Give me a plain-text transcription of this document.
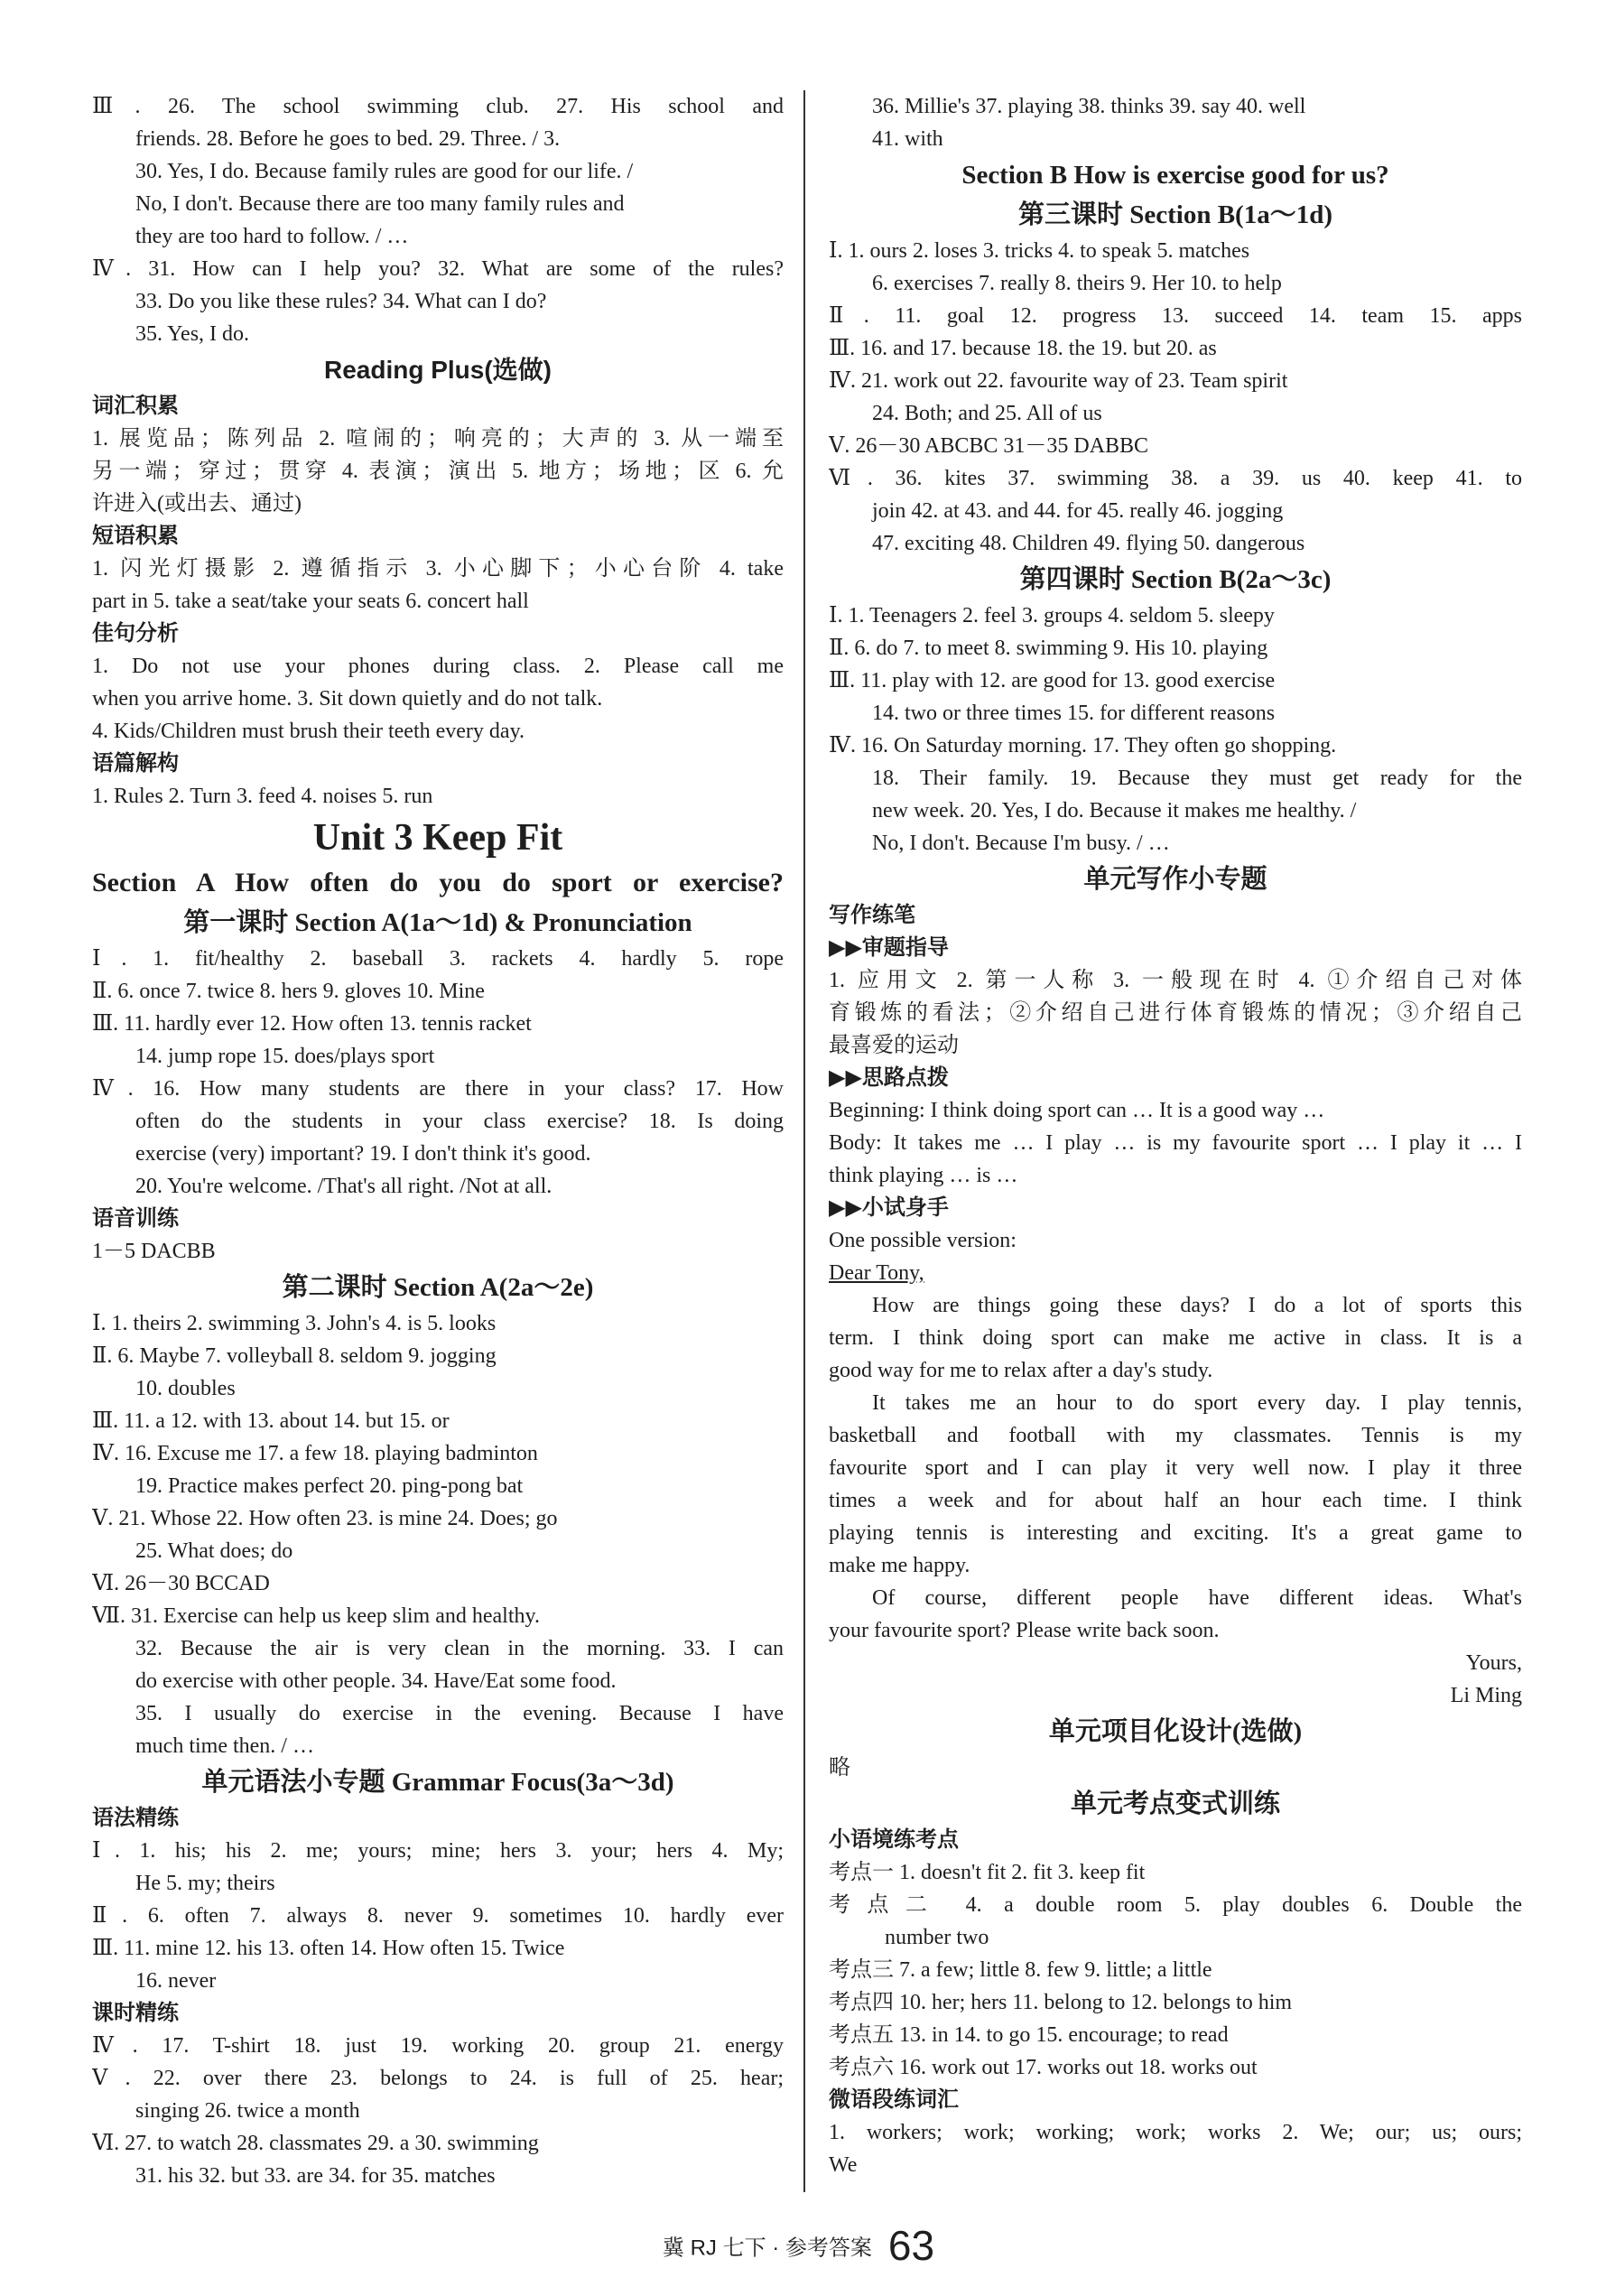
Ⅲ. 26. The school swimming club. 27. His school and
friends. 28. Before he goes to bed. 29. Three. / 3.
30. Yes, I do. Because family rules are good for our life. /
No, I don't. Because there are too many family rules and
they are too hard to follow. / …
Ⅳ. 31. How can I help you? 32. What are some of the rules?
33. Do you like these rules? 34. What can I do?
35. Yes, I do.
Reading Plus(选做)
词汇积累
1. 展览品；陈列品 2. 喧闹的；响亮的；大声的 3. 从一端至
另一端；穿过；贯穿 4. 表演；演出 5. 地方；场地；区 6. 允
许进入(或出去、通过)
短语积累
1. 闪光灯摄影 2. 遵循指示 3. 小心脚下；小心台阶 4. take
part in 5. take a seat/take your seats 6. concert hall
佳句分析
1. Do not use your phones during class. 2. Please call me
when you arrive home. 3. Sit down quietly and do not talk.
4. Kids/Children must brush their teeth every day.
语篇解构
1. Rules 2. Turn 3. feed 4. noises 5. run
Unit 3 Keep Fit
Section A How often do you do sport or exercise?
第一课时 Section A(1a～1d) & Pronunciation
Ⅰ. 1. fit/healthy 2. baseball 3. rackets 4. hardly 5. rope
Ⅱ. 6. once 7. twice 8. hers 9. gloves 10. Mine
Ⅲ. 11. hardly ever 12. How often 13. tennis racket
14. jump rope 15. does/plays sport
Ⅳ. 16. How many students are there in your class? 17. How
often do the students in your class exercise? 18. Is doing
exercise (very) important? 19. I don't think it's good.
20. You're welcome. /That's all right. /Not at all.
语音训练
1－5 DACBB
第二课时 Section A(2a～2e)
Ⅰ. 1. theirs 2. swimming 3. John's 4. is 5. looks
Ⅱ. 6. Maybe 7. volleyball 8. seldom 9. jogging
10. doubles
Ⅲ. 11. a 12. with 13. about 14. but 15. or
Ⅳ. 16. Excuse me 17. a few 18. playing badminton
19. Practice makes perfect 20. ping-pong bat
Ⅴ. 21. Whose 22. How often 23. is mine 24. Does; go
25. What does; do
Ⅵ. 26－30 BCCAD
Ⅶ. 31. Exercise can help us keep slim and healthy.
32. Because the air is very clean in the morning. 33. I can
do exercise with other people. 34. Have/Eat some food.
35. I usually do exercise in the evening. Because I have
much time then. / …
单元语法小专题 Grammar Focus(3a～3d)
语法精练
Ⅰ. 1. his; his 2. me; yours; mine; hers 3. your; hers 4. My;
He 5. my; theirs
Ⅱ. 6. often 7. always 8. never 9. sometimes 10. hardly ever
Ⅲ. 11. mine 12. his 13. often 14. How often 15. Twice
16. never
课时精练
Ⅳ. 17. T-shirt 18. just 19. working 20. group 21. energy
Ⅴ. 22. over there 23. belongs to 24. is full of 25. hear;
singing 26. twice a month
Ⅵ. 27. to watch 28. classmates 29. a 30. swimming
31. his 32. but 33. are 34. for 35. matches
36. Millie's 37. playing 38. thinks 39. say 40. well
41. with
Section B How is exercise good for us?
第三课时 Section B(1a～1d)
Ⅰ. 1. ours 2. loses 3. tricks 4. to speak 5. matches
6. exercises 7. really 8. theirs 9. Her 10. to help
Ⅱ. 11. goal 12. progress 13. succeed 14. team 15. apps
Ⅲ. 16. and 17. because 18. the 19. but 20. as
Ⅳ. 21. work out 22. favourite way of 23. Team spirit
24. Both; and 25. All of us
Ⅴ. 26－30 ABCBC 31－35 DABBC
Ⅵ. 36. kites 37. swimming 38. a 39. us 40. keep 41. to
join 42. at 43. and 44. for 45. really 46. jogging
47. exciting 48. Children 49. flying 50. dangerous
第四课时 Section B(2a～3c)
Ⅰ. 1. Teenagers 2. feel 3. groups 4. seldom 5. sleepy
Ⅱ. 6. do 7. to meet 8. swimming 9. His 10. playing
Ⅲ. 11. play with 12. are good for 13. good exercise
14. two or three times 15. for different reasons
Ⅳ. 16. On Saturday morning. 17. They often go shopping.
18. Their family. 19. Because they must get ready for the
new week. 20. Yes, I do. Because it makes me healthy. /
No, I don't. Because I'm busy. / …
单元写作小专题
写作练笔
▶▶审题指导
1. 应用文 2. 第一人称 3. 一般现在时 4. ①介绍自己对体
育锻炼的看法；②介绍自己进行体育锻炼的情况；③介绍自己
最喜爱的运动
▶▶思路点拨
Beginning: I think doing sport can … It is a good way …
Body: It takes me … I play … is my favourite sport … I play it … I
think playing … is …
▶▶小试身手
One possible version:
Dear Tony,
How are things going these days? I do a lot of sports this
term. I think doing sport can make me active in class. It is a
good way for me to relax after a day's study.
It takes me an hour to do sport every day. I play tennis,
basketball and football with my classmates. Tennis is my
favourite sport and I can play it very well now. I play it three
times a week and for about half an hour each time. I think
playing tennis is interesting and exciting. It's a great game to
make me happy.
Of course, different people have different ideas. What's
your favourite sport? Please write back soon.
Yours,
Li Ming
单元项目化设计(选做)
略
单元考点变式训练
小语境练考点
考点一 1. doesn't fit 2. fit 3. keep fit
考点二 4. a double room 5. play doubles 6. Double the
number two
考点三 7. a few; little 8. few 9. little; a little
考点四 10. her; hers 11. belong to 12. belongs to him
考点五 13. in 14. to go 15. encourage; to read
考点六 16. work out 17. works out 18. works out
微语段练词汇
1. workers; work; working; work; works 2. We; our; us; ours;
We
冀 RJ 七下 · 参考答案 63
